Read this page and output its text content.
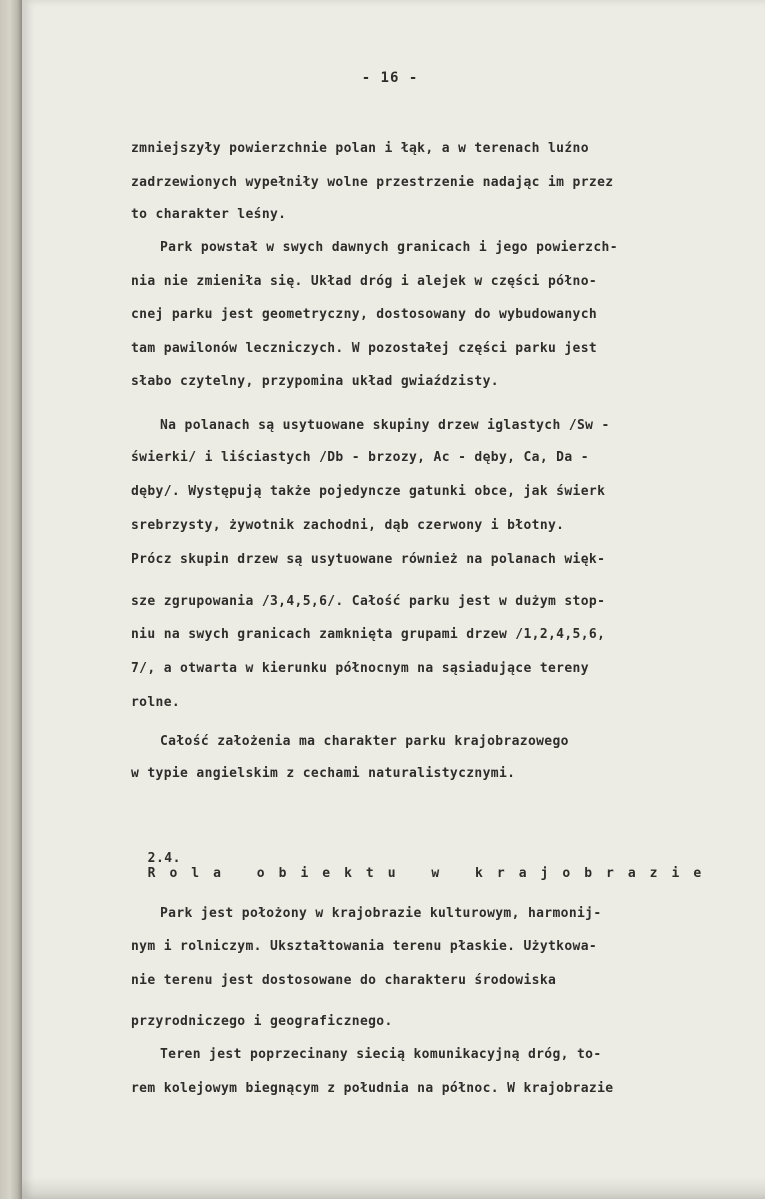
- 16 -
zmniejszyły powierzchnie polan i łąk, a w terenach luźno
zadrzewionych wypełniły wolne przestrzenie nadając im przez
to charakter leśny.
Park powstał w swych dawnych granicach i jego powierzch-
nia nie zmieniła się. Układ dróg i alejek w części półno-
cnej parku jest geometryczny, dostosowany do wybudowanych
tam pawilonów leczniczych. W pozostałej części parku jest
słabo czytelny, przypomina układ gwiaździsty.
Na polanach są usytuowane skupiny drzew iglastych /Sw -
świerki/ i liściastych /Db - brzozy, Ac - dęby, Ca, Da -
dęby/. Występują także pojedyncze gatunki obce, jak świerk
srebrzysty, żywotnik zachodni, dąb czerwony i błotny.
Prócz skupin drzew są usytuowane również na polanach więk-
sze zgrupowania /3,4,5,6/. Całość parku jest w dużym stop-
niu na swych granicach zamknięta grupami drzew /1,2,4,5,6,
7/, a otwarta w kierunku północnym na sąsiadujące tereny
rolne.
Całość założenia ma charakter parku krajobrazowego
w typie angielskim z cechami naturalistycznymi.

2.4.
Rola obiektu w krajobrazie

Park jest położony w krajobrazie kulturowym, harmonij-
nym i rolniczym. Ukształtowania terenu płaskie. Użytkowa-
nie terenu jest dostosowane do charakteru środowiska
przyrodniczego i geograficznego.
Teren jest poprzecinany siecią komunikacyjną dróg, to-
rem kolejowym biegnącym z południa na północ. W krajobrazie
